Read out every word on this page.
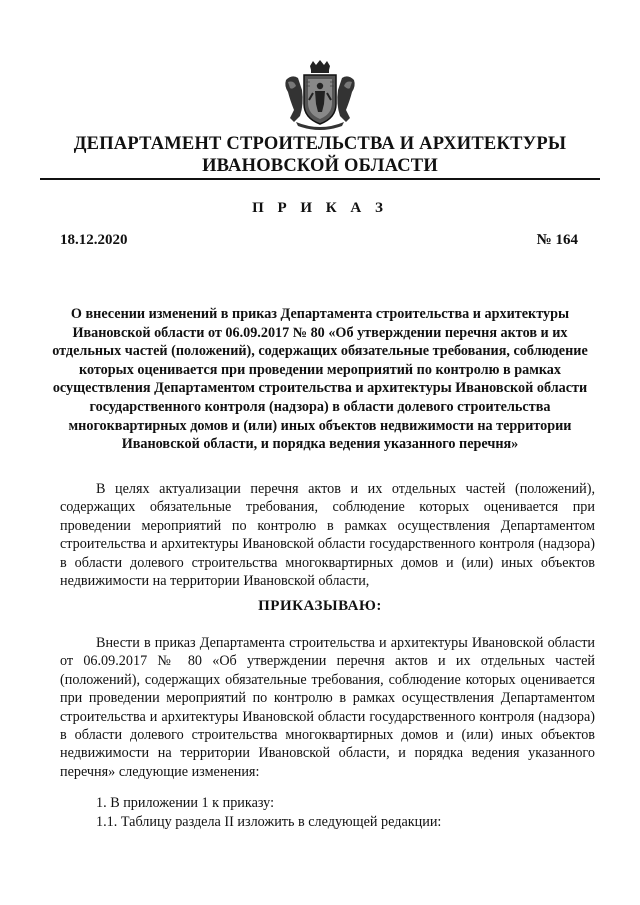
ДЕПАРТАМЕНТ СТРОИТЕЛЬСТВА И АРХИТЕКТУРЫ
ИВАНОВСКОЙ ОБЛАСТИ
П Р И К А З
18.12.2020	№ 164
О внесении изменений в приказ Департамента строительства и архитектуры Ивановской области от 06.09.2017 № 80 «Об утверждении перечня актов и их отдельных частей (положений), содержащих обязательные требования, соблюдение которых оценивается при проведении мероприятий по контролю в рамках осуществления Департаментом строительства и архитектуры Ивановской области государственного контроля (надзора) в области долевого строительства многоквартирных домов и (или) иных объектов недвижимости на территории Ивановской области, и порядка ведения указанного перечня»
В целях актуализации перечня актов и их отдельных частей (положений), содержащих обязательные требования, соблюдение которых оценивается при проведении мероприятий по контролю в рамках осуществления Департаментом строительства и архитектуры Ивановской области государственного контроля (надзора) в области долевого строительства многоквартирных домов и (или) иных объектов недвижимости на территории Ивановской области,
ПРИКАЗЫВАЮ:
Внести в приказ Департамента строительства и архитектуры Ивановской области от 06.09.2017 № 80 «Об утверждении перечня актов и их отдельных частей (положений), содержащих обязательные требования, соблюдение которых оценивается при проведении мероприятий по контролю в рамках осуществления Департаментом строительства и архитектуры Ивановской области государственного контроля (надзора) в области долевого строительства многоквартирных домов и (или) иных объектов недвижимости на территории Ивановской области, и порядка ведения указанного перечня» следующие изменения:
1. В приложении 1 к приказу:
1.1. Таблицу раздела II изложить в следующей редакции:
